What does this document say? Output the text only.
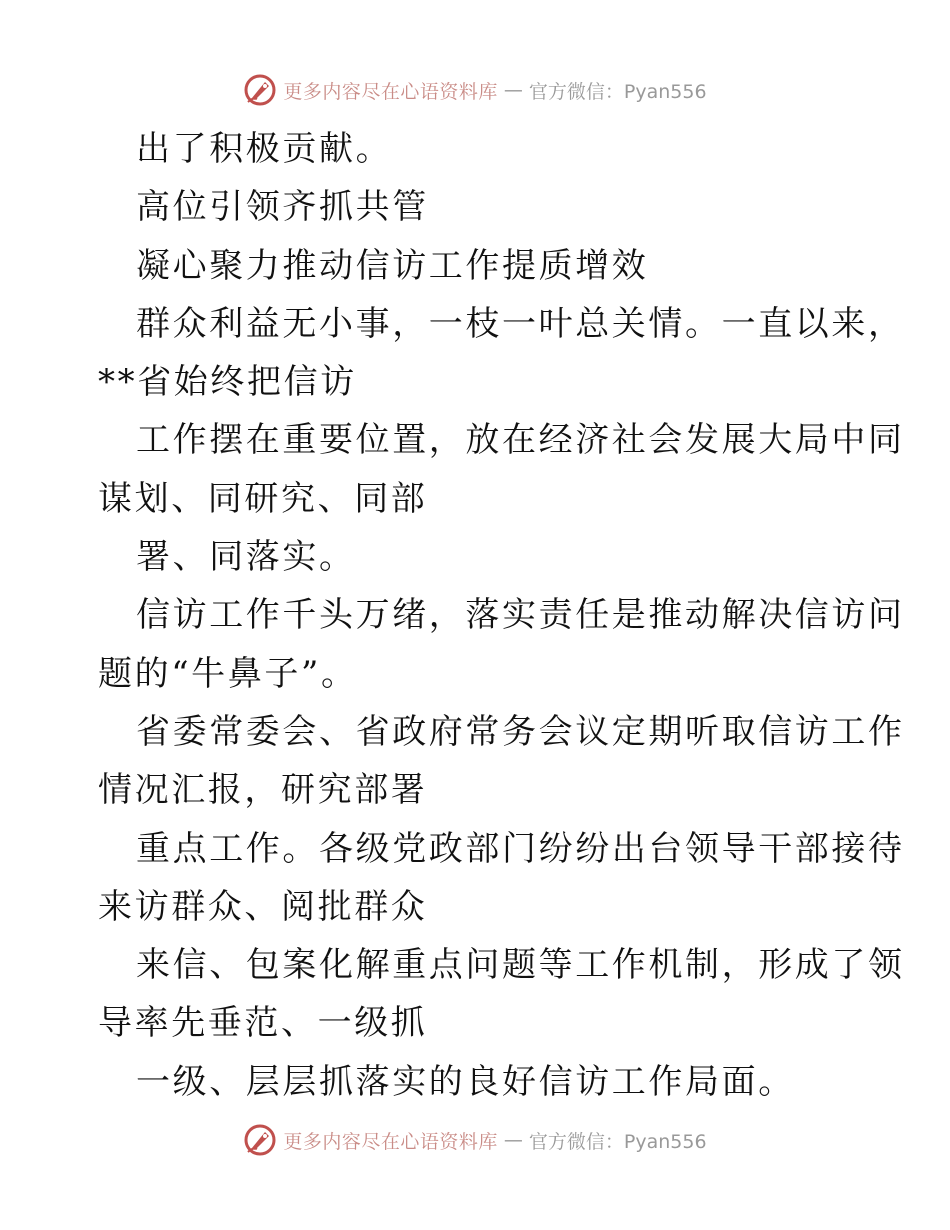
更多内容尽在心语资料库 — 官方微信：Pyan556
出了积极贡献。
高位引领齐抓共管
凝心聚力推动信访工作提质增效
群众利益无小事，一枝一叶总关情。一直以来，
**省始终把信访
工作摆在重要位置，放在经济社会发展大局中同
谋划、同研究、同部
署、同落实。
信访工作千头万绪，落实责任是推动解决信访问
题的“牛鼻子”。
省委常委会、省政府常务会议定期听取信访工作
情况汇报，研究部署
重点工作。各级党政部门纷纷出台领导干部接待
来访群众、阅批群众
来信、包案化解重点问题等工作机制，形成了领
导率先垂范、一级抓
一级、层层抓落实的良好信访工作局面。
更多内容尽在心语资料库 — 官方微信：Pyan556
